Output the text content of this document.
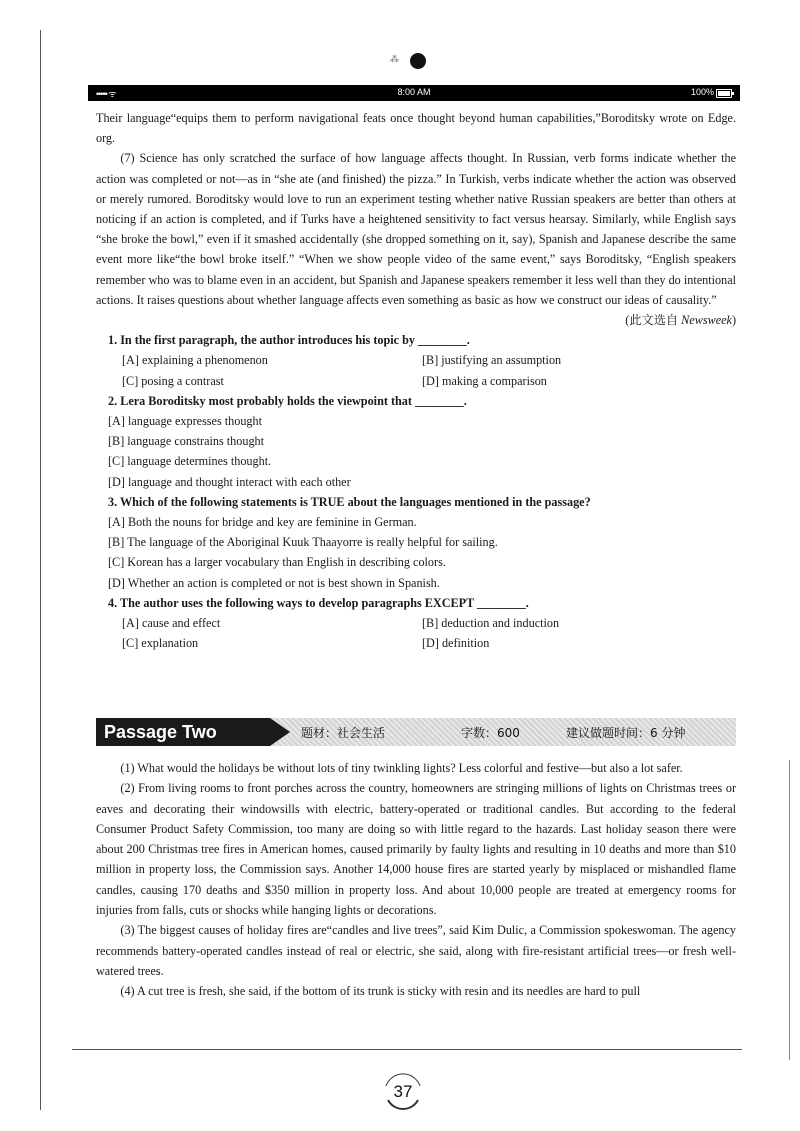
⁂
••••• ᯤ	8:00 AM	100%

Their language“equips them to perform navigational feats once thought beyond human capabilities,”Boroditsky wrote on Edge. org.

(7) Science has only scratched the surface of how language affects thought. In Russian, verb forms indicate whether the action was completed or not—as in “she ate (and finished) the pizza.” In Turkish, verbs indicate whether the action was observed or merely rumored. Boroditsky would love to run an experiment testing whether native Russian speakers are better than others at noticing if an action is completed, and if Turks have a heightened sensitivity to fact versus hearsay. Similarly, while English says “she broke the bowl,” even if it smashed accidentally (she dropped something on it, say), Spanish and Japanese describe the same event more like“the bowl broke itself.” “When we show people video of the same event,” says Boroditsky, “English speakers remember who was to blame even in an accident, but Spanish and Japanese speakers remember it less well than they do intentional actions. It raises questions about whether language affects even something as basic as how we construct our ideas of causality.”

(此文选自 Newsweek)

1. In the first paragraph, the author introduces his topic by ________.

[A] explaining a phenomenon	[B] justifying an assumption
[C] posing a contrast	[D] making a comparison

2. Lera Boroditsky most probably holds the viewpoint that ________.

[A] language expresses thought

[B] language constrains thought

[C] language determines thought.

[D] language and thought interact with each other

3. Which of the following statements is TRUE about the languages mentioned in the passage?

[A] Both the nouns for bridge and key are feminine in German.

[B] The language of the Aboriginal Kuuk Thaayorre is really helpful for sailing.

[C] Korean has a larger vocabulary than English in describing colors.

[D] Whether an action is completed or not is best shown in Spanish.

4. The author uses the following ways to develop paragraphs EXCEPT ________.

[A] cause and effect	[B] deduction and induction
[C] explanation	[D] definition
Passage Two	题材：社会生活	字数：600	建议做题时间：6 分钟

(1) What would the holidays be without lots of tiny twinkling lights? Less colorful and festive—but also a lot safer.

(2) From living rooms to front porches across the country, homeowners are stringing millions of lights on Christmas trees or eaves and decorating their windowsills with electric, battery-operated or traditional candles. But according to the federal Consumer Product Safety Commission, too many are doing so with little regard to the hazards. Last holiday season there were about 200 Christmas tree fires in American homes, caused primarily by faulty lights and resulting in 10 deaths and more than $10 million in property loss, the Commission says. Another 14,000 house fires are started yearly by misplaced or mishandled flame candles, causing 170 deaths and $350 million in property loss. And about 10,000 people are treated at emergency rooms for injuries from falls, cuts or shocks while hanging lights or decorations.

(3) The biggest causes of holiday fires are“candles and live trees”, said Kim Dulic, a Commission spokeswoman. The agency recommends battery-operated candles instead of real or electric, she said, along with fire-resistant artificial trees—or fresh well-watered trees.

(4) A cut tree is fresh, she said, if the bottom of its trunk is sticky with resin and its needles are hard to pull

37
